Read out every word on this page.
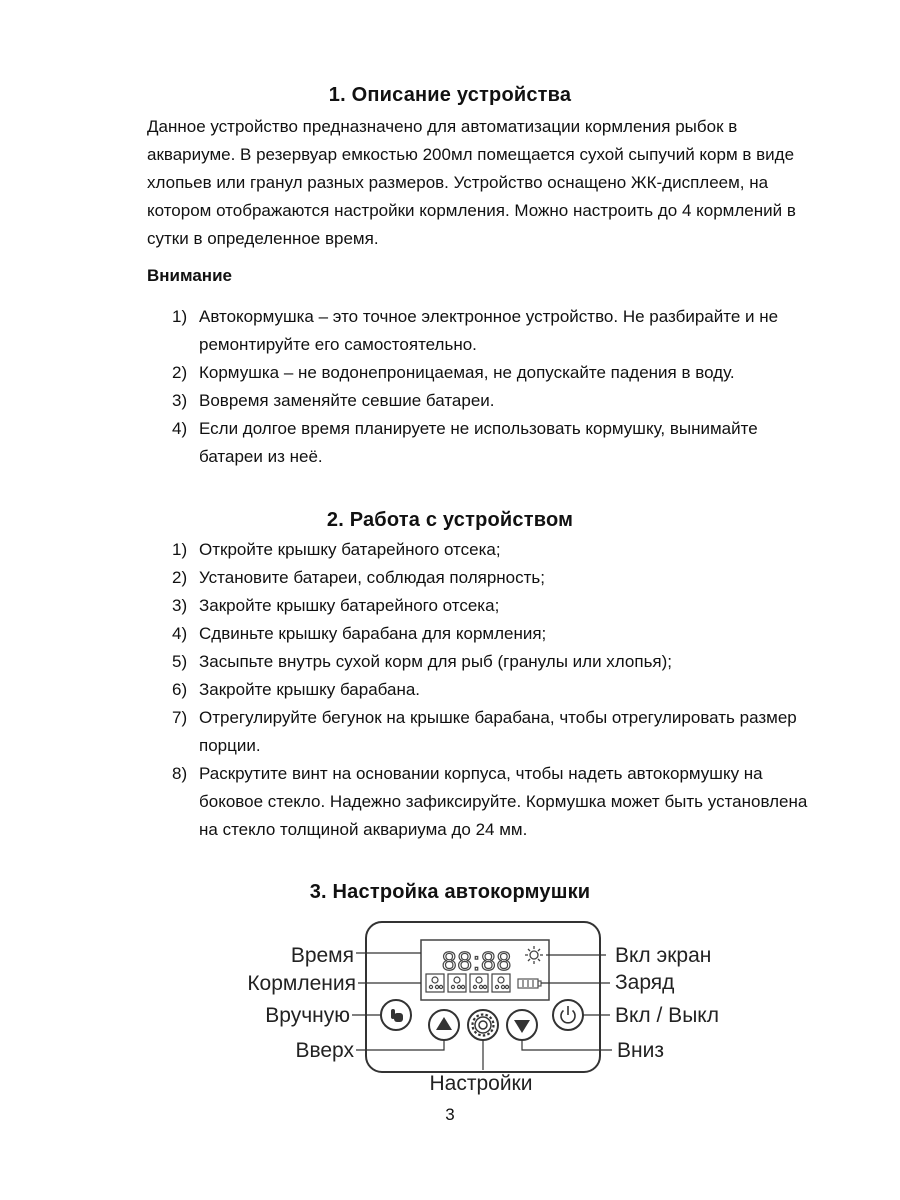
1. Описание устройства
Данное устройство предназначено для автоматизации кормления рыбок в аквариуме. В резервуар емкостью 200мл помещается сухой сыпучий корм в виде хлопьев или гранул разных размеров. Устройство оснащено ЖК-дисплеем, на котором отображаются настройки кормления. Можно настроить до 4 кормлений в сутки в определенное время.
Внимание
1) Автокормушка – это точное электронное устройство. Не разбирайте и не ремонтируйте его самостоятельно.
2) Кормушка – не водонепроницаемая, не допускайте падения в воду.
3) Вовремя заменяйте севшие батареи.
4) Если долгое время планируете не использовать кормушку, вынимайте батареи из неё.
2. Работа с устройством
1) Откройте крышку батарейного отсека;
2) Установите батареи, соблюдая полярность;
3) Закройте крышку батарейного отсека;
4) Сдвиньте крышку барабана для кормления;
5) Засыпьте внутрь сухой корм для рыб (гранулы или хлопья);
6) Закройте крышку барабана.
7) Отрегулируйте бегунок на крышке барабана, чтобы отрегулировать размер порции.
8) Раскрутите винт на основании корпуса, чтобы надеть автокормушку на боковое стекло. Надежно зафиксируйте. Кормушка может быть установлена на стекло толщиной аквариума до 24 мм.
3. Настройка автокормушки
88:88
Время
Кормления
Вручную
Вверх
Настройки
Вкл экран
Заряд
Вкл / Выкл
Вниз
3
